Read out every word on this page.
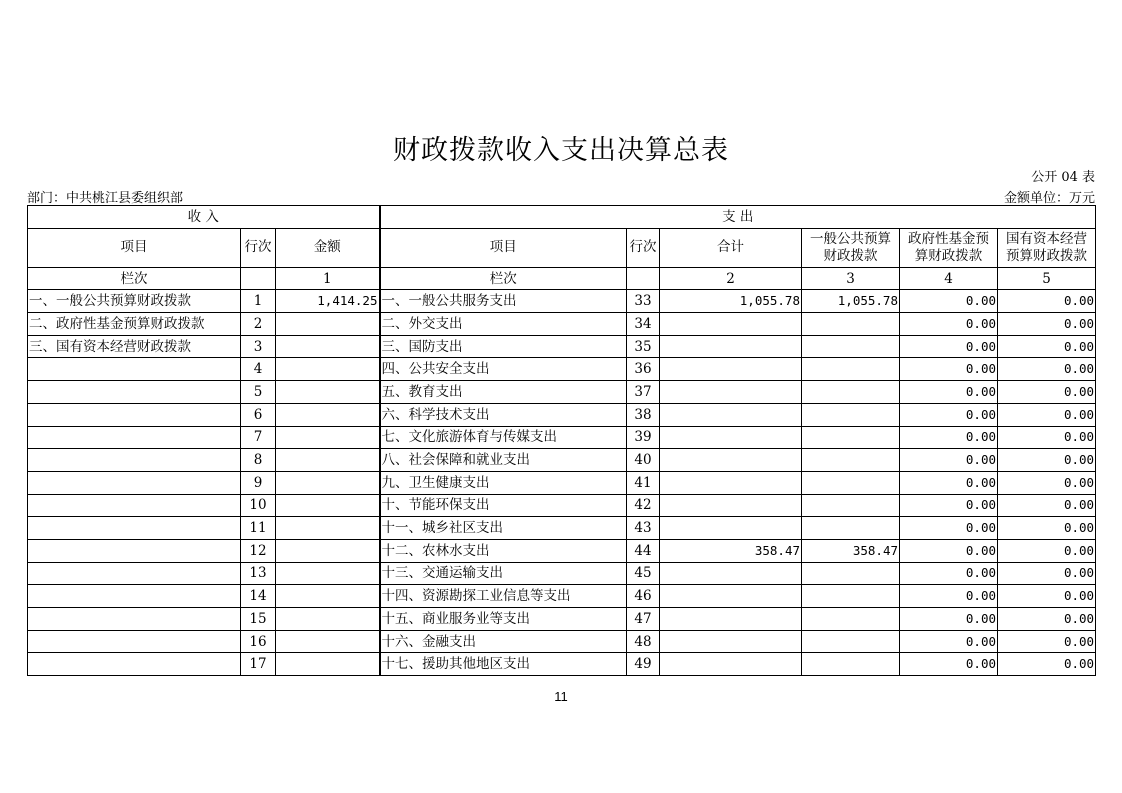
财政拨款收入支出决算总表
公开 04 表
部门：中共桃江县委组织部	金额单位：万元
收 入			支 出					
项目	行次	金额	项目	行次	合计	一般公共预算财政拨款	政府性基金预算财政拨款	国有资本经营预算财政拨款
栏次		1	栏次		2	3	4	5
一、一般公共预算财政拨款	1	1,414.25	一、一般公共服务支出	33	1,055.78	1,055.78	0.00	0.00
二、政府性基金预算财政拨款	2		二、外交支出	34			0.00	0.00
三、国有资本经营财政拨款	3		三、国防支出	35			0.00	0.00
	4		四、公共安全支出	36			0.00	0.00
	5		五、教育支出	37			0.00	0.00
	6		六、科学技术支出	38			0.00	0.00
	7		七、文化旅游体育与传媒支出	39			0.00	0.00
	8		八、社会保障和就业支出	40			0.00	0.00
	9		九、卫生健康支出	41			0.00	0.00
	10		十、节能环保支出	42			0.00	0.00
	11		十一、城乡社区支出	43			0.00	0.00
	12		十二、农林水支出	44	358.47	358.47	0.00	0.00
	13		十三、交通运输支出	45			0.00	0.00
	14		十四、资源勘探工业信息等支出	46			0.00	0.00
	15		十五、商业服务业等支出	47			0.00	0.00
	16		十六、金融支出	48			0.00	0.00
	17		十七、援助其他地区支出	49			0.00	0.00
11
